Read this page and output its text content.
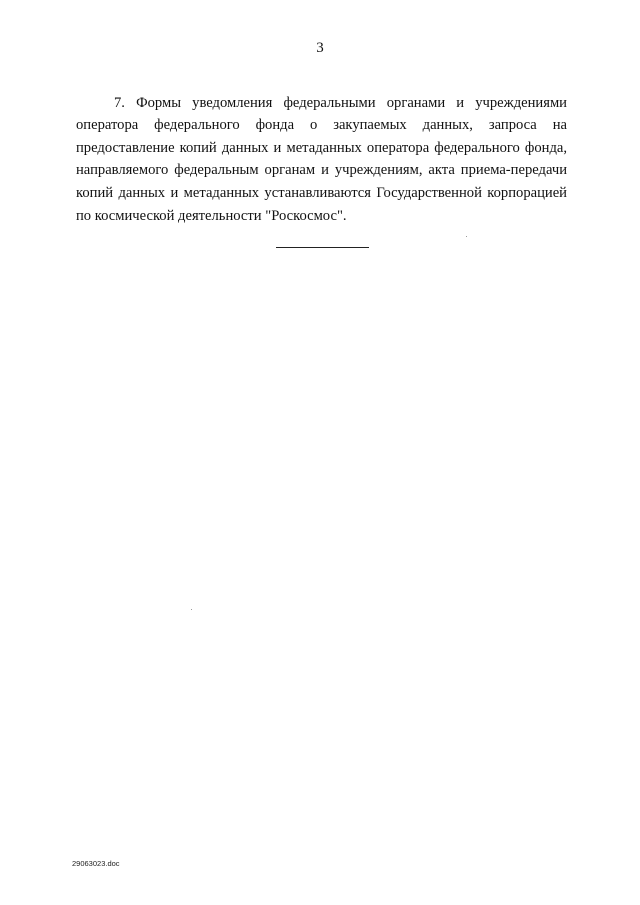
3

7. Формы уведомления федеральными органами и учреждениями оператора федерального фонда о закупаемых данных, запроса на предоставление копий данных и метаданных оператора федерального фонда, направляемого федеральным органам и учреждениям, акта приема-передачи копий данных и метаданных устанавливаются Государственной корпорацией по космической деятельности "Роскосмос".

29063023.doc
